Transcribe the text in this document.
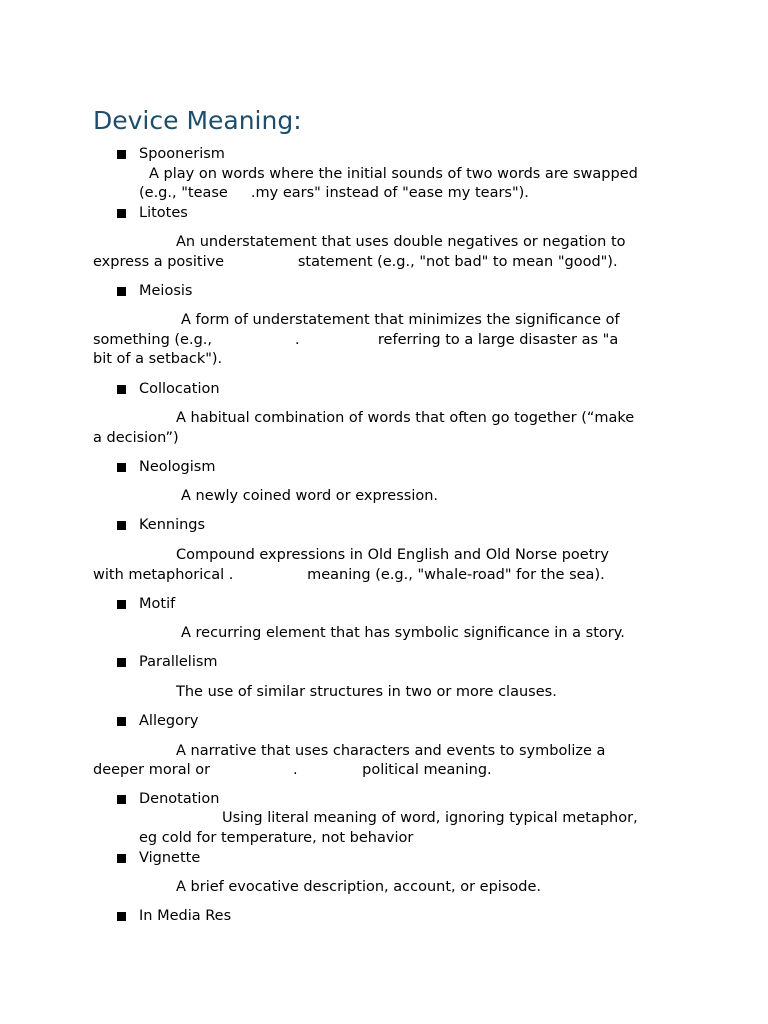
Device Meaning:
Spoonerism
A play on words where the initial sounds of two words are swapped
(e.g., "tease     .my ears" instead of "ease my tears").
Litotes
An understatement that uses double negatives or negation to
express a positive                statement (e.g., "not bad" to mean "good").
Meiosis
A form of understatement that minimizes the significance of
something (e.g.,                  .                 referring to a large disaster as "a
bit of a setback").
Collocation
A habitual combination of words that often go together (“make
a decision”)
Neologism
A newly coined word or expression.
Kennings
Compound expressions in Old English and Old Norse poetry
with metaphorical .                meaning (e.g., "whale-road" for the sea).
Motif
A recurring element that has symbolic significance in a story.
Parallelism
The use of similar structures in two or more clauses.
Allegory
A narrative that uses characters and events to symbolize a
deeper moral or                  .              political meaning.
Denotation
Using literal meaning of word, ignoring typical metaphor,
eg cold for temperature, not behavior
Vignette
A brief evocative description, account, or episode.
In Media Res
